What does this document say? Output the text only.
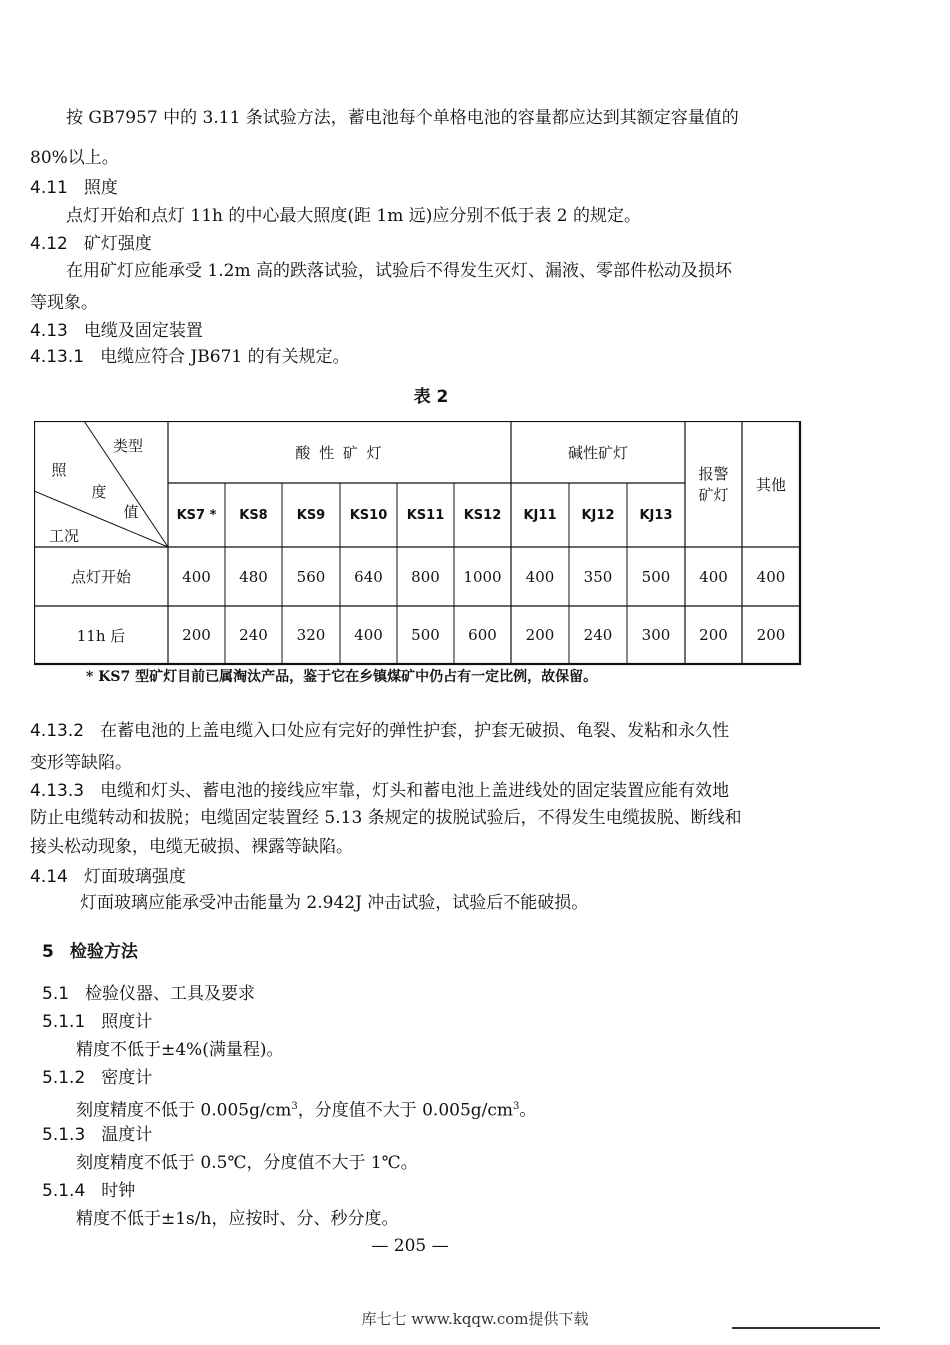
按 GB7957 中的 3.11 条试验方法，蓄电池每个单格电池的容量都应达到其额定容量值的
80%以上。
4.11 照度
点灯开始和点灯 11h 的中心最大照度(距 1m 远)应分别不低于表 2 的规定。
4.12 矿灯强度
在用矿灯应能承受 1.2m 高的跌落试验，试验后不得发生灭灯、漏液、零部件松动及损坏
等现象。
4.13 电缆及固定装置
4.13.1 电缆应符合 JB671 的有关规定。
表 2
类型
照
度
值
工况
酸 性 矿 灯	碱性矿灯
报警
矿灯
其他
KS7 *	KS8	KS9	KS10	KS11	KS12	KJ11	KJ12	KJ13
点灯开始	400	480	560	640	800	1000	400	350	500	400	400
11h 后	200	240	320	400	500	600	200	240	300	200	200
* KS7 型矿灯目前已属淘汰产品，鉴于它在乡镇煤矿中仍占有一定比例，故保留。
4.13.2 在蓄电池的上盖电缆入口处应有完好的弹性护套，护套无破损、龟裂、发粘和永久性
变形等缺陷。
4.13.3 电缆和灯头、蓄电池的接线应牢靠，灯头和蓄电池上盖进线处的固定装置应能有效地
防止电缆转动和拔脱；电缆固定装置经 5.13 条规定的拔脱试验后，不得发生电缆拔脱、断线和
接头松动现象，电缆无破损、裸露等缺陷。
4.14 灯面玻璃强度
灯面玻璃应能承受冲击能量为 2.942J 冲击试验，试验后不能破损。
5 检验方法
5.1 检验仪器、工具及要求
5.1.1 照度计
精度不低于±4%(满量程)。
5.1.2 密度计
刻度精度不低于 $0.005g/cm^3$，分度值不大于 $0.005g/cm^3$。
5.1.3 温度计
刻度精度不低于 0.5℃，分度值不大于 1℃。
5.1.4 时钟
精度不低于±1s/h，应按时、分、秒分度。
— 205 —
库七七 www.kqqw.com提供下载
